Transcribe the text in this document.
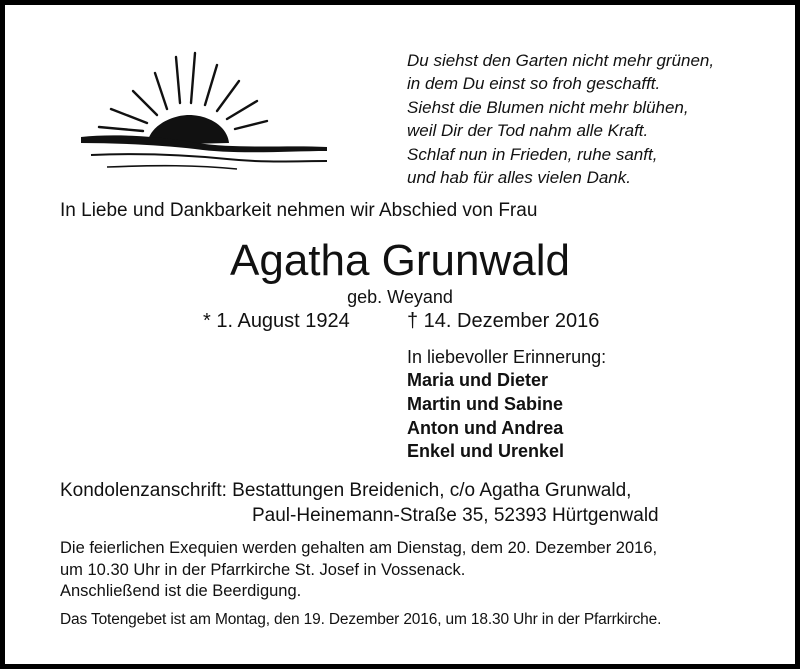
Du siehst den Garten nicht mehr grünen,
in dem Du einst so froh geschafft.
Siehst die Blumen nicht mehr blühen,
weil Dir der Tod nahm alle Kraft.
Schlaf nun in Frieden, ruhe sanft,
und hab für alles vielen Dank.
In Liebe und Dankbarkeit nehmen wir Abschied von Frau
Agatha Grunwald
geb. Weyand
* 1. August 1924	† 14. Dezember 2016
In liebevoller Erinnerung:
Maria und Dieter
Martin und Sabine
Anton und Andrea
Enkel und Urenkel
Kondolenzanschrift: Bestattungen Breidenich, c/o Agatha Grunwald,
Paul-Heinemann-Straße 35, 52393 Hürtgenwald
Die feierlichen Exequien werden gehalten am Dienstag, dem 20. Dezember 2016,
um 10.30 Uhr in der Pfarrkirche St. Josef in Vossenack.
Anschließend ist die Beerdigung.
Das Totengebet ist am Montag, den 19. Dezember 2016, um 18.30 Uhr in der Pfarrkirche.
